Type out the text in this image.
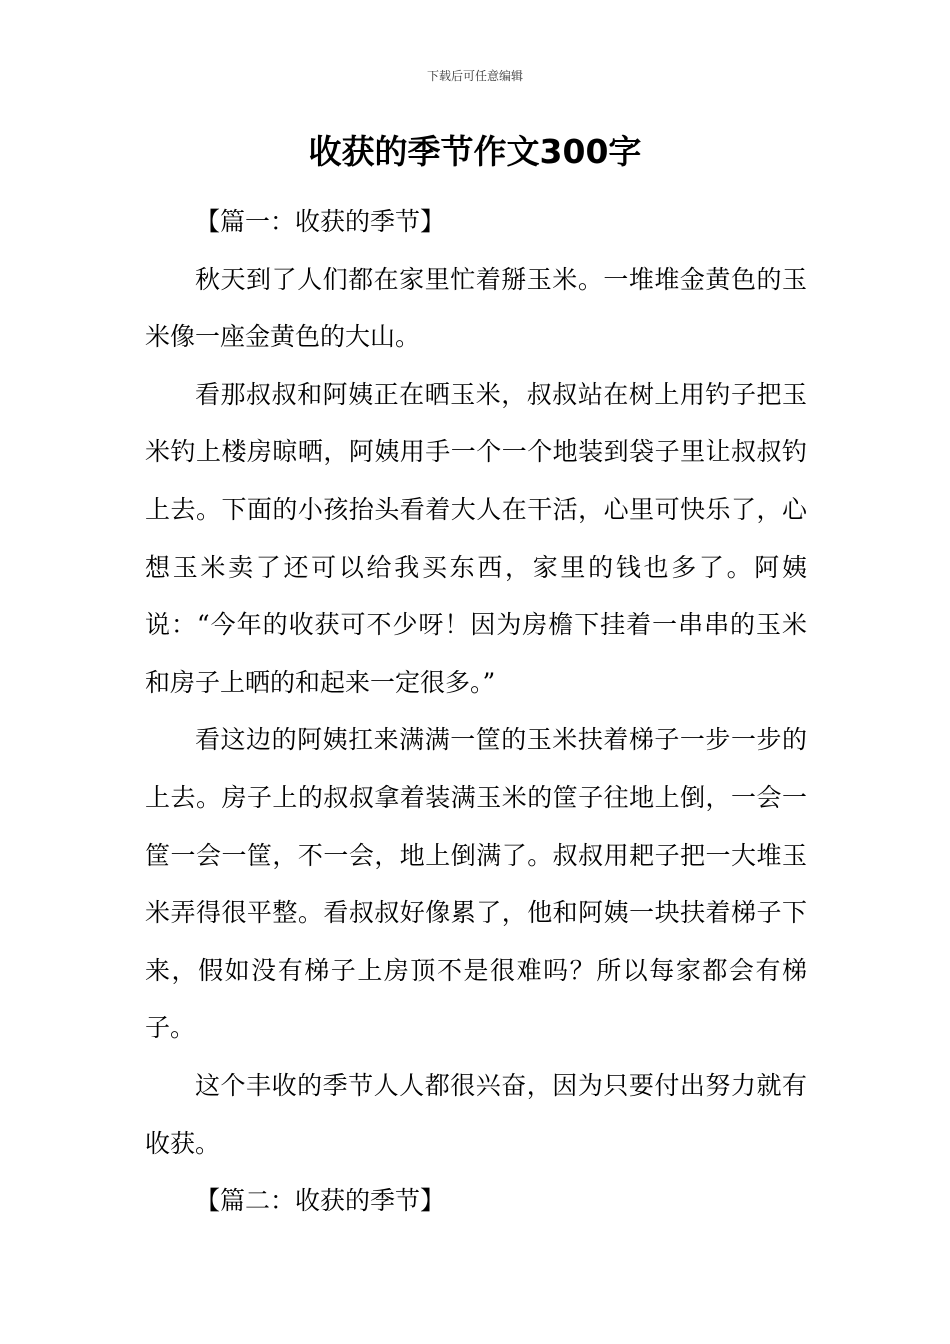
下载后可任意编辑
收获的季节作文300字

【篇一：收获的季节】

秋天到了人们都在家里忙着掰玉米。一堆堆金黄色的玉米像一座金黄色的大山。

看那叔叔和阿姨正在晒玉米，叔叔站在树上用钓子把玉米钓上楼房晾晒，阿姨用手一个一个地装到袋子里让叔叔钓上去。下面的小孩抬头看着大人在干活，心里可快乐了，心想玉米卖了还可以给我买东西，家里的钱也多了。阿姨说：“今年的收获可不少呀！因为房檐下挂着一串串的玉米和房子上晒的和起来一定很多。”

看这边的阿姨扛来满满一筐的玉米扶着梯子一步一步的上去。房子上的叔叔拿着装满玉米的筐子往地上倒，一会一筐一会一筐，不一会，地上倒满了。叔叔用耙子把一大堆玉米弄得很平整。看叔叔好像累了，他和阿姨一块扶着梯子下来，假如没有梯子上房顶不是很难吗？所以每家都会有梯子。

这个丰收的季节人人都很兴奋，因为只要付出努力就有收获。

【篇二：收获的季节】
